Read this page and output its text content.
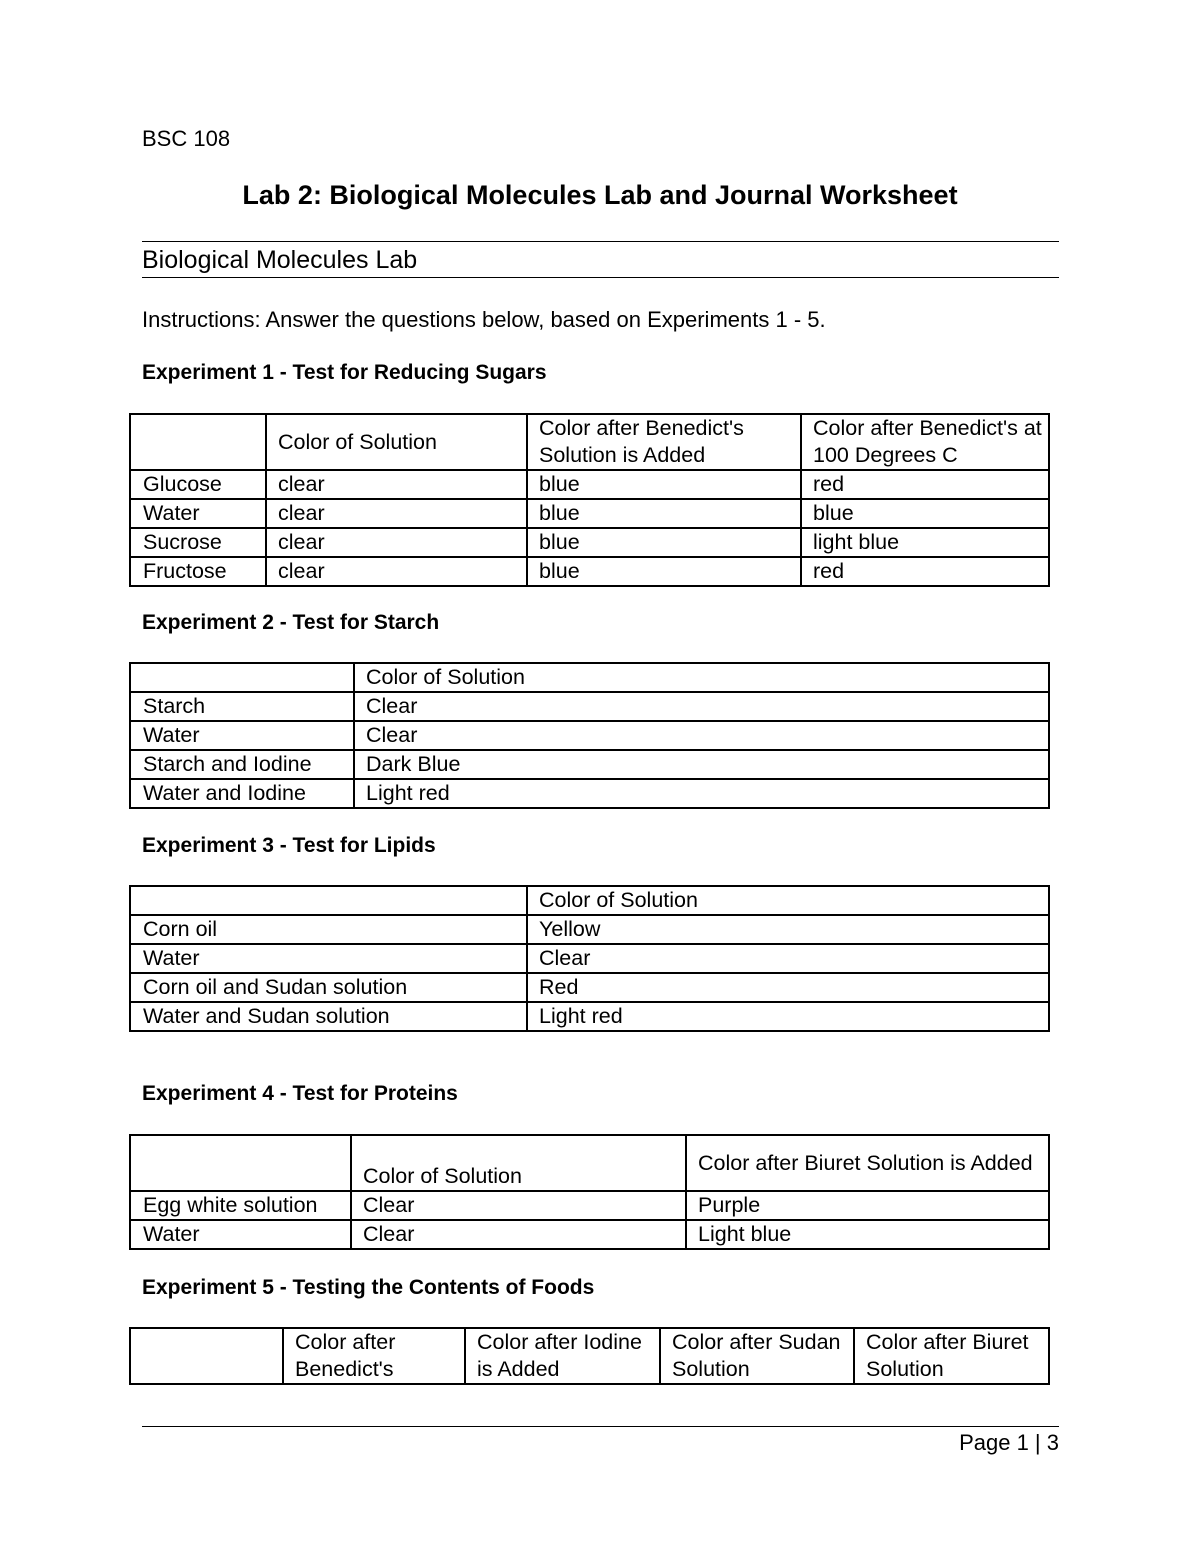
BSC 108
Lab 2: Biological Molecules Lab and Journal Worksheet
Biological Molecules Lab
Instructions: Answer the questions below, based on Experiments 1 - 5.
Experiment 1 - Test for Reducing Sugars
	Color of Solution	Color after Benedict's Solution is Added	Color after Benedict's at 100 Degrees C
Glucose	clear	blue	red
Water	clear	blue	blue
Sucrose	clear	blue	light blue
Fructose	clear	blue	red
Experiment 2 - Test for Starch
	Color of Solution
Starch	Clear
Water	Clear
Starch and Iodine	Dark Blue
Water and Iodine	Light red
Experiment 3 - Test for Lipids
	Color of Solution
Corn oil	Yellow
Water	Clear
Corn oil and Sudan solution	Red
Water and Sudan solution	Light red
Experiment 4 - Test for Proteins
	Color of Solution	Color after Biuret Solution is Added
Egg white solution	Clear	Purple
Water	Clear	Light blue
Experiment 5 - Testing the Contents of Foods
	Color after Benedict's	Color after Iodine is Added	Color after Sudan Solution	Color after Biuret Solution
Page 1 | 3
